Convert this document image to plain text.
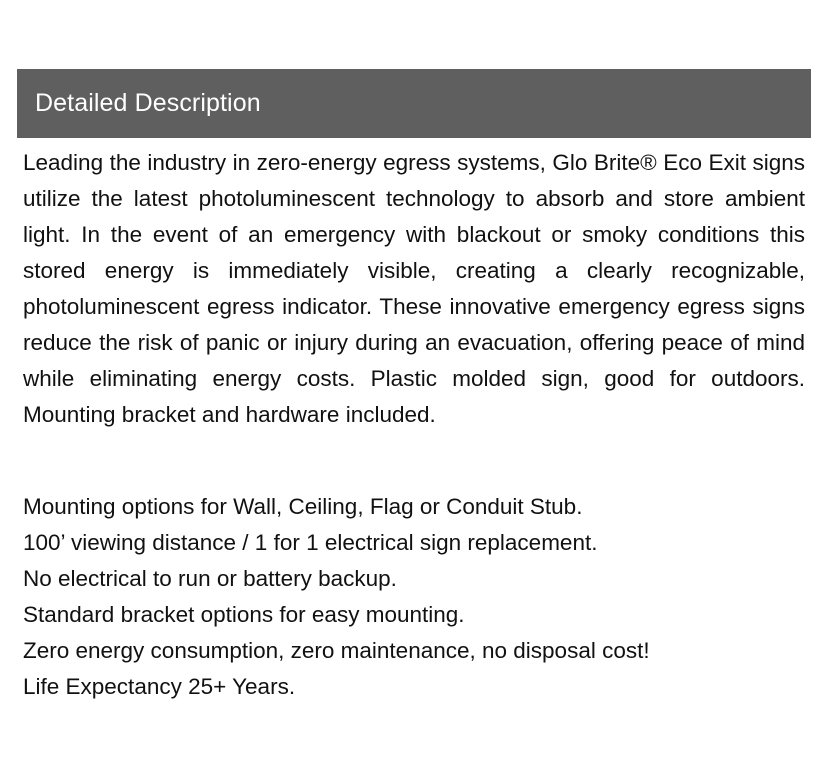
Detailed Description

Leading the industry in zero-energy egress systems, Glo Brite® Eco Exit signs utilize the latest photoluminescent technology to absorb and store ambient light. In the event of an emergency with blackout or smoky conditions this stored energy is immediately visible, creating a clearly recognizable, photoluminescent egress indicator. These innovative emergency egress signs reduce the risk of panic or injury during an evacuation, offering peace of mind while eliminating energy costs. Plastic molded sign, good for outdoors. Mounting bracket and hardware included.

Mounting options for Wall, Ceiling, Flag or Conduit Stub.
100’ viewing distance / 1 for 1 electrical sign replacement.
No electrical to run or battery backup.
Standard bracket options for easy mounting.
Zero energy consumption, zero maintenance, no disposal cost!
Life Expectancy 25+ Years.
